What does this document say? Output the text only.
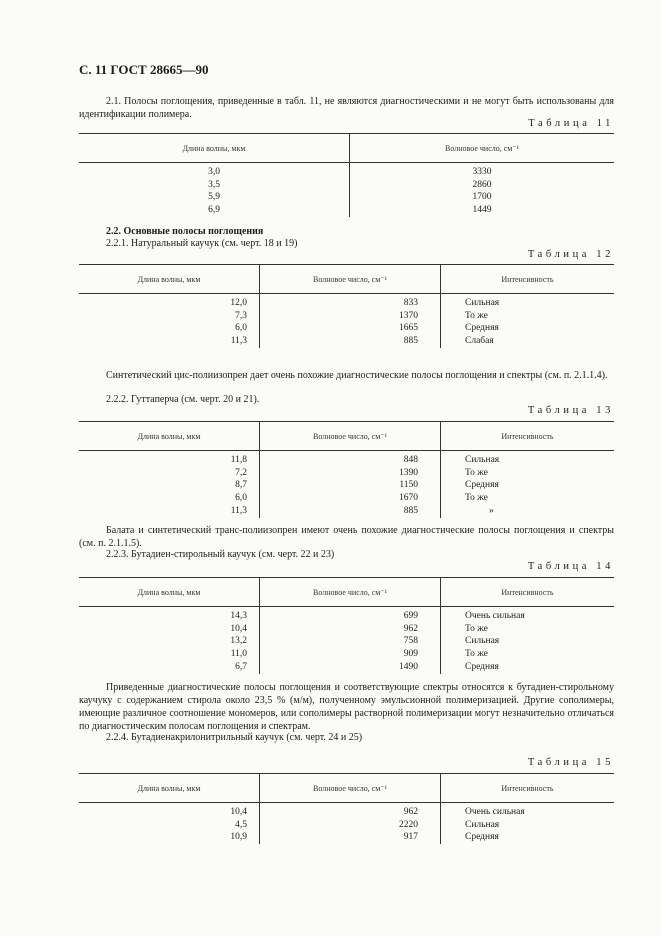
С. 11 ГОСТ 28665—90
2.1. Полосы поглощения, приведенные в табл. 11, не являются диагностическими и не могут быть использованы для идентификации полимера.
Таблица 11
Длина волны, мкм	Волновое число, см⁻¹
3,0	3330
3,5	2860
5,9	1700
6,9	1449
2.2. Основные полосы поглощения
2.2.1. Натуральный каучук (см. черт. 18 и 19)
Таблица 12
Длина волны, мкм	Волновое число, см⁻¹	Интенсивность
12,0	833	Сильная
7,3	1370	То же
6,0	1665	Средняя
11,3	885	Слабая
Синтетический цис-полиизопрен дает очень похожие диагностические полосы поглощения и спектры (см. п. 2.1.1.4).
2.2.2. Гуттаперча (см. черт. 20 и 21).
Таблица 13
Длина волны, мкм	Волновое число, см⁻¹	Интенсивность
11,8	848	Сильная
7,2	1390	То же
8,7	1150	Средняя
6,0	1670	То же
11,3	885	»
Балата и синтетический транс-полиизопрен имеют очень похожие диагностические полосы поглощения и спектры (см. п. 2.1.1.5).
2.2.3. Бутадиен-стирольный каучук (см. черт. 22 и 23)
Таблица 14
Длина волны, мкм	Волновое число, см⁻¹	Интенсивность
14,3	699	Очень сильная
10,4	962	То же
13,2	758	Сильная
11,0	909	То же
6,7	1490	Средняя
Приведенные диагностические полосы поглощения и соответствующие спектры относятся к бутадиен-стирольному каучуку с содержанием стирола около 23,5 % (м/м), полученному эмульсионной полимеризацией. Другие сополимеры, имеющие различное соотношение мономеров, или сополимеры растворной полимеризации могут незначительно отличаться по диагностическим полосам поглощения и спектрам.
2.2.4. Бутадиенакрилонитрильный каучук (см. черт. 24 и 25)
Таблица 15
Длина волны, мкм	Волновое число, см⁻¹	Интенсивность
10,4	962	Очень сильная
4,5	2220	Сильная
10,9	917	Средняя
